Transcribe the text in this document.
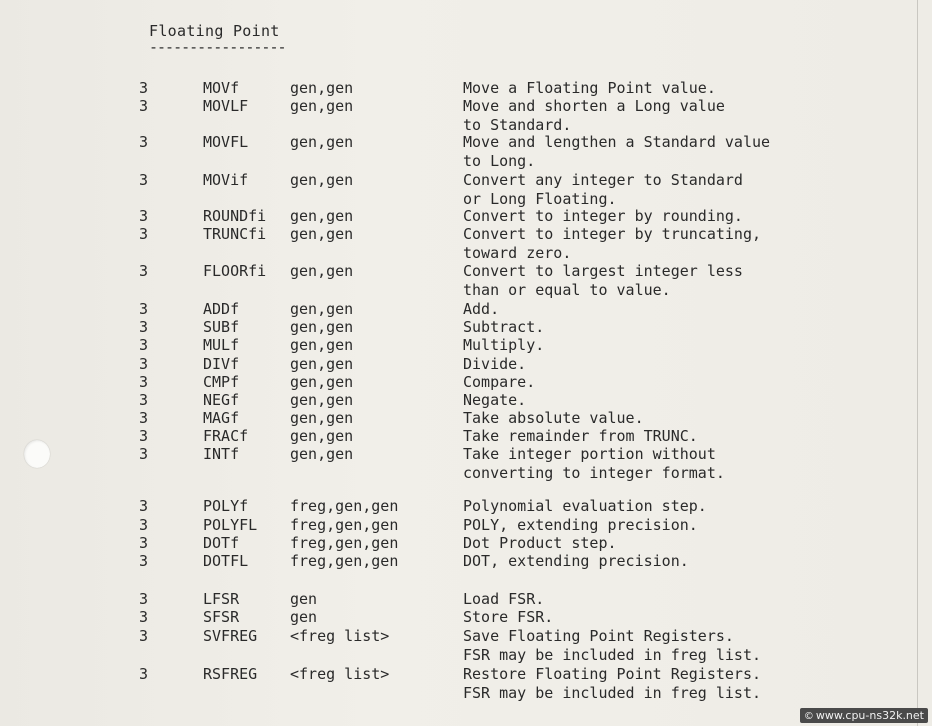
Floating Point
-----------------
3	MOVf	gen,gen	Move a Floating Point value.
3	MOVLF	gen,gen	Move and shorten a Long value
to Standard.
3	MOVFL	gen,gen	Move and lengthen a Standard value
to Long.
3	MOVif	gen,gen	Convert any integer to Standard
or Long Floating.
3	ROUNDfi gen,gen	Convert to integer by rounding.
3	TRUNCfi gen,gen	Convert to integer by truncating,
toward zero.
3	FLOORfi gen,gen	Convert to largest integer less
than or equal to value.
3	ADDf	gen,gen	Add.
3	SUBf	gen,gen	Subtract.
3	MULf	gen,gen	Multiply.
3	DIVf	gen,gen	Divide.
3	CMPf	gen,gen	Compare.
3	NEGf	gen,gen	Negate.
3	MAGf	gen,gen	Take absolute value.
3	FRACf	gen,gen	Take remainder from TRUNC.
3	INTf	gen,gen	Take integer portion without
converting to integer format.
3	POLYf	freg,gen,gen	Polynomial evaluation step.
3	POLYFL freg,gen,gen	POLY, extending precision.
3	DOTf	freg,gen,gen	Dot Product step.
3	DOTFL	freg,gen,gen	DOT, extending precision.
3	LFSR	gen	Load FSR.
3	SFSR	gen	Store FSR.
3	SVFREG <freg list>	Save Floating Point Registers.
FSR may be included in freg list.
3	RSFREG <freg list>	Restore Floating Point Registers.
FSR may be included in freg list.
© www.cpu-ns32k.net
